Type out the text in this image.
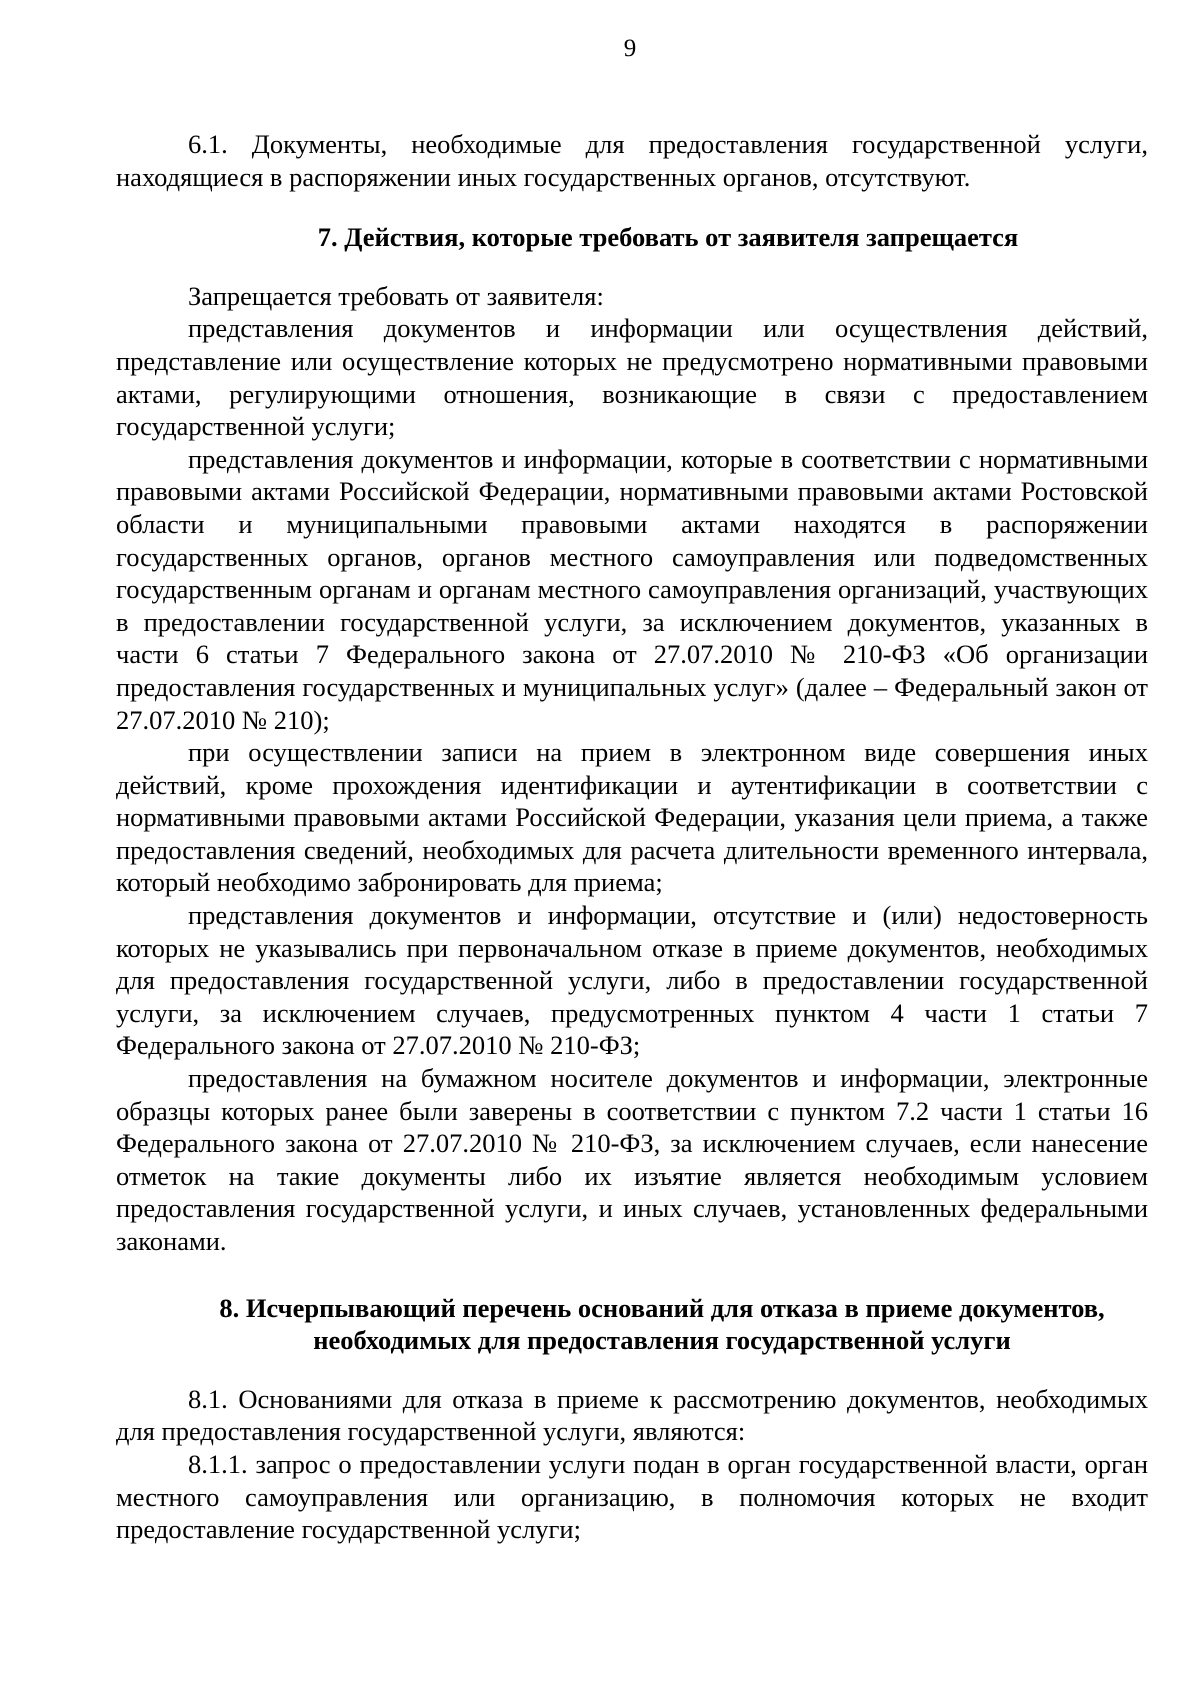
9

6.1. Документы, необходимые для предоставления государственной услуги, находящиеся в распоряжении иных государственных органов, отсутствуют.

7. Действия, которые требовать от заявителя запрещается

Запрещается требовать от заявителя:

представления документов и информации или осуществления действий, представление или осуществление которых не предусмотрено нормативными правовыми актами, регулирующими отношения, возникающие в связи с предоставлением государственной услуги;

представления документов и информации, которые в соответствии с нормативными правовыми актами Российской Федерации, нормативными правовыми актами Ростовской области и муниципальными правовыми актами находятся в распоряжении государственных органов, органов местного самоуправления или подведомственных государственным органам и органам местного самоуправления организаций, участвующих в предоставлении государственной услуги, за исключением документов, указанных в части 6 статьи 7 Федерального закона от 27.07.2010 № 210-ФЗ «Об организации предоставления государственных и муниципальных услуг» (далее – Федеральный закон от 27.07.2010 № 210);

при осуществлении записи на прием в электронном виде совершения иных действий, кроме прохождения идентификации и аутентификации в соответствии с нормативными правовыми актами Российской Федерации, указания цели приема, а также предоставления сведений, необходимых для расчета длительности временного интервала, который необходимо забронировать для приема;

представления документов и информации, отсутствие и (или) недостоверность которых не указывались при первоначальном отказе в приеме документов, необходимых для предоставления государственной услуги, либо в предоставлении государственной услуги, за исключением случаев, предусмотренных пунктом 4 части 1 статьи 7 Федерального закона от 27.07.2010 № 210-ФЗ;

предоставления на бумажном носителе документов и информации, электронные образцы которых ранее были заверены в соответствии с пунктом 7.2 части 1 статьи 16 Федерального закона от 27.07.2010 № 210-ФЗ, за исключением случаев, если нанесение отметок на такие документы либо их изъятие является необходимым условием предоставления государственной услуги, и иных случаев, установленных федеральными законами.

8. Исчерпывающий перечень оснований для отказа в приеме документов,
необходимых для предоставления государственной услуги

8.1. Основаниями для отказа в приеме к рассмотрению документов, необходимых для предоставления государственной услуги, являются:

8.1.1. запрос о предоставлении услуги подан в орган государственной власти, орган местного самоуправления или организацию, в полномочия которых не входит предоставление государственной услуги;
